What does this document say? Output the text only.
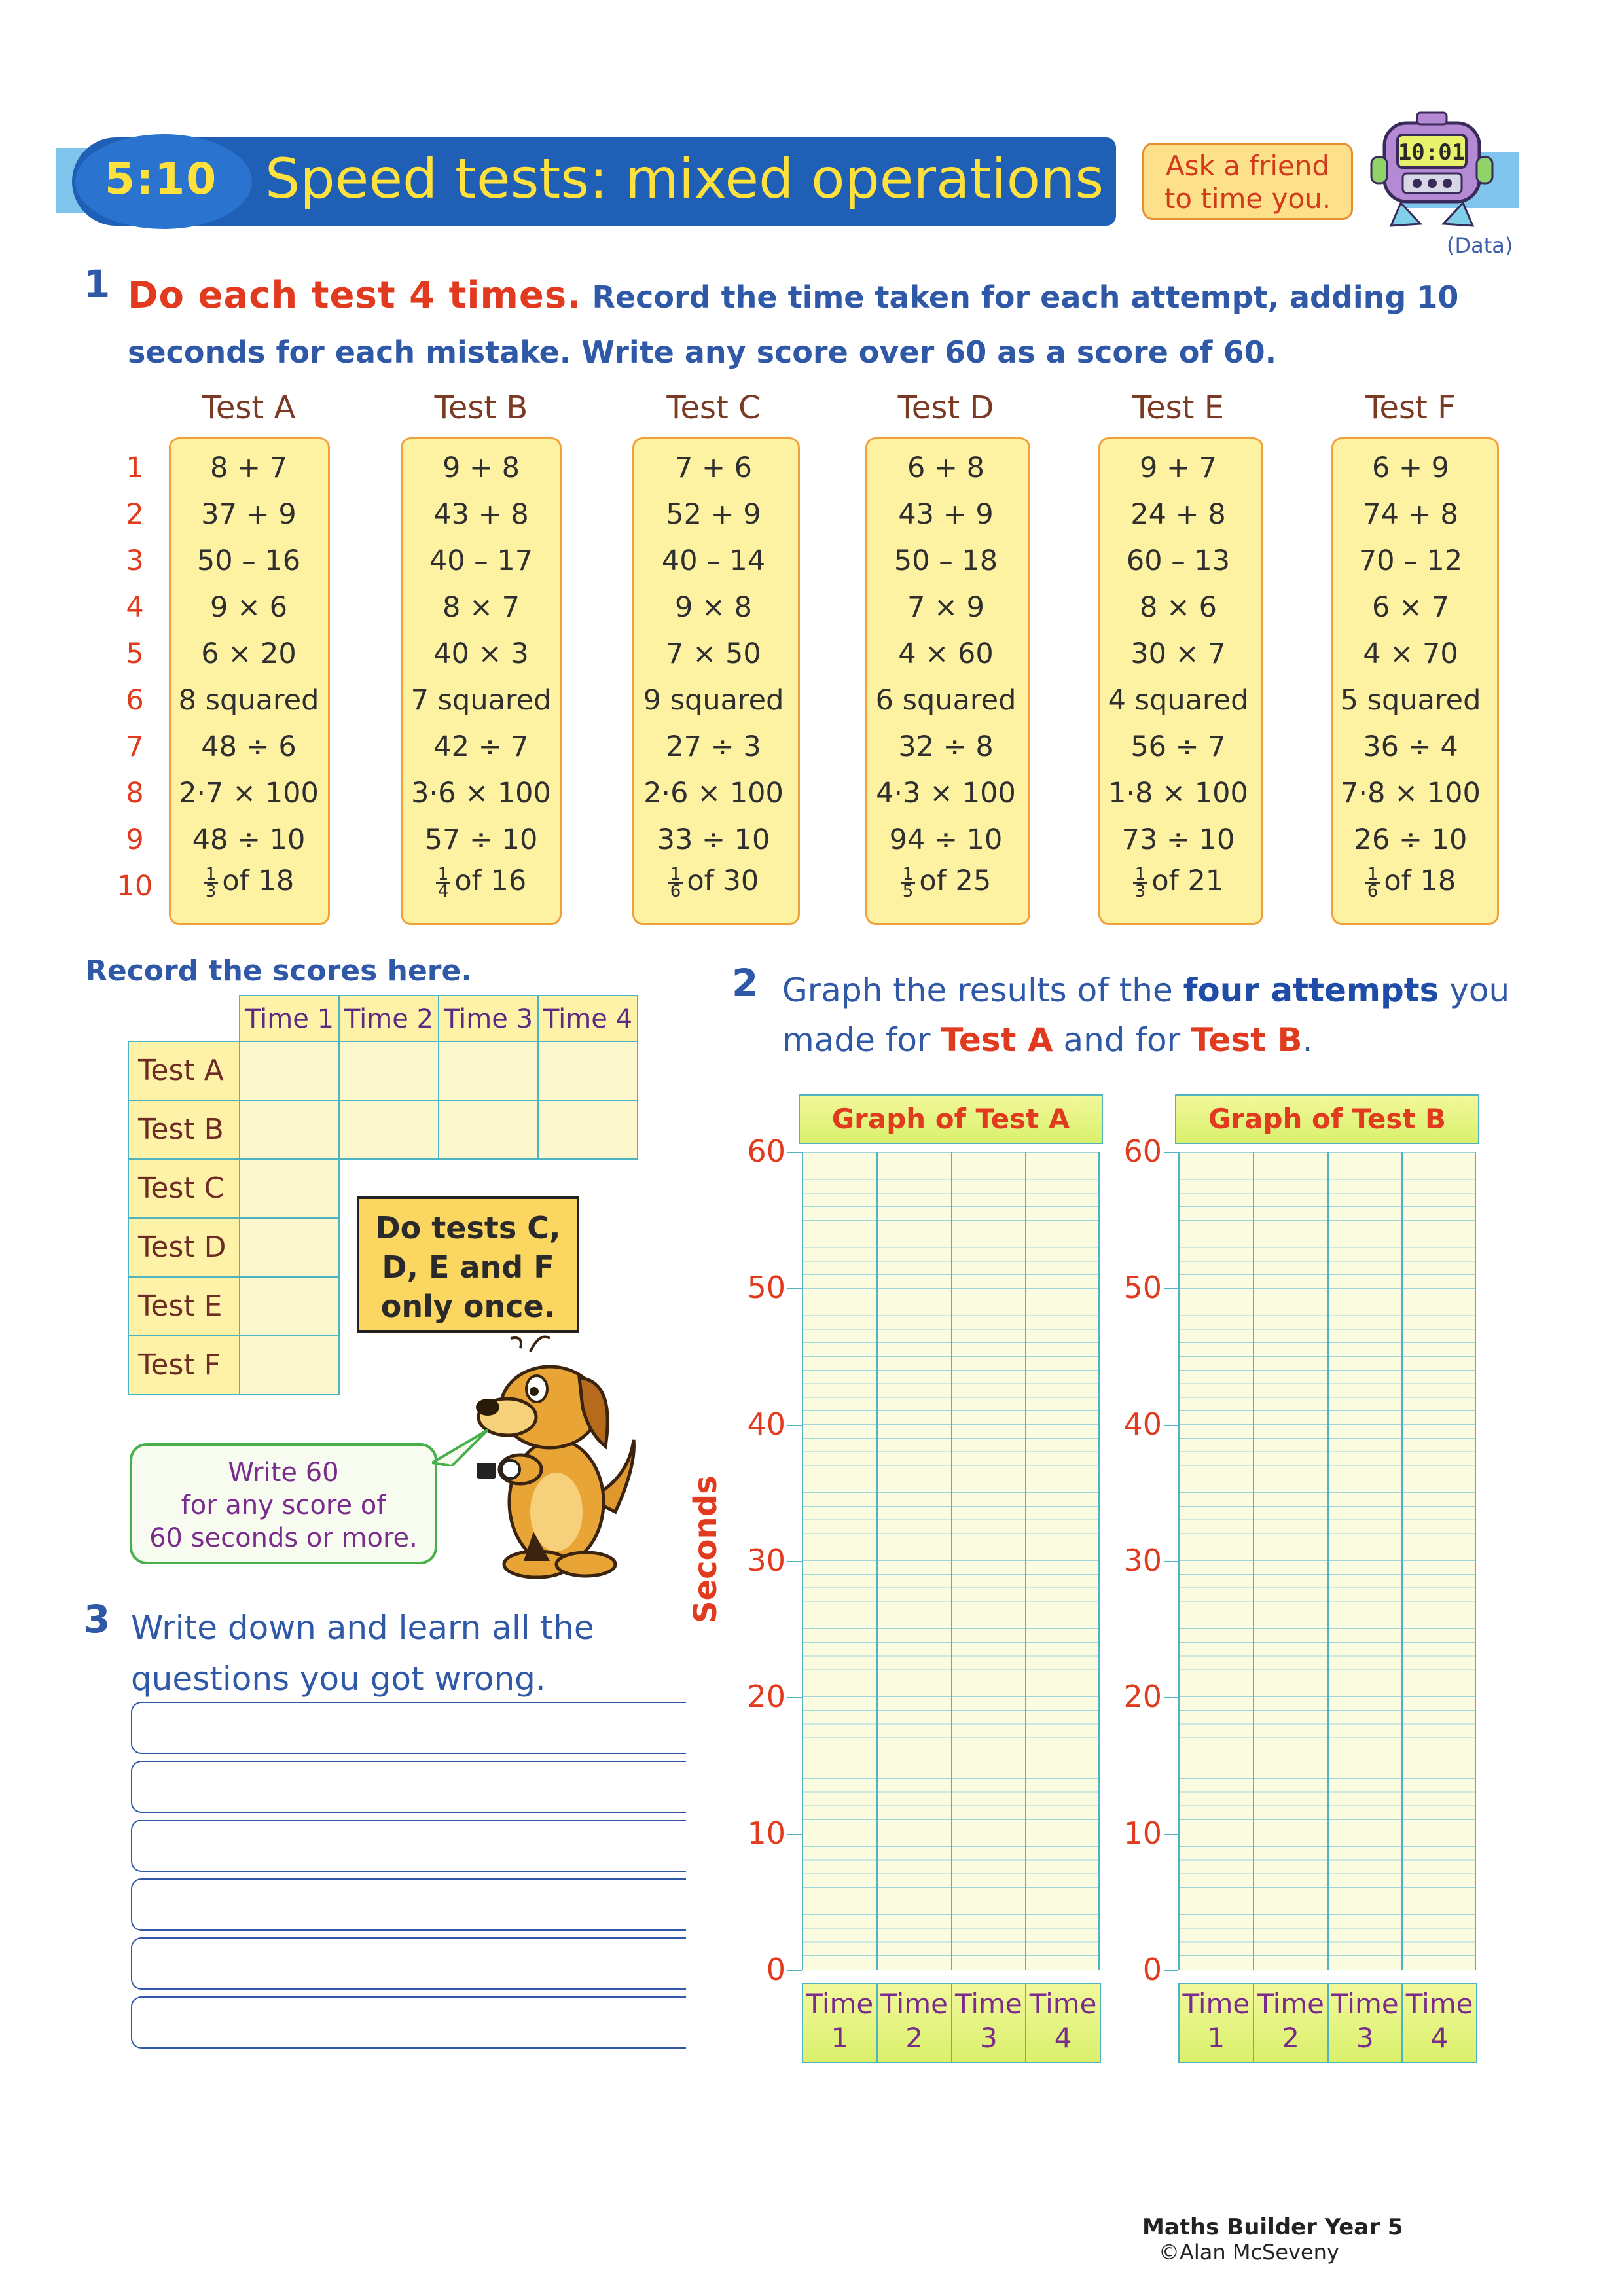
5:10 Speed tests: mixed operations	Ask a friend
to time you.
10:01
(Data)
1 Do each test 4 times. Record the time taken for each attempt, adding 10 seconds for each mistake. Write any score over 60 as a score of 60.
1
2
3
4
5
6
7
8
9
10
Test A
8 + 7
37 + 9
50 – 16
9 × 6
6 × 20
8 squared
48 ÷ 6
2·7 × 100
48 ÷ 10
$\frac{1}{3}$ of 18
Test B
9 + 8
43 + 8
40 – 17
8 × 7
40 × 3
7 squared
42 ÷ 7
3·6 × 100
57 ÷ 10
$\frac{1}{4}$ of 16
Test C
7 + 6
52 + 9
40 – 14
9 × 8
7 × 50
9 squared
27 ÷ 3
2·6 × 100
33 ÷ 10
$\frac{1}{6}$ of 30
Test D
6 + 8
43 + 9
50 – 18
7 × 9
4 × 60
6 squared
32 ÷ 8
4·3 × 100
94 ÷ 10
$\frac{1}{5}$ of 25
Test E
9 + 7
24 + 8
60 – 13
8 × 6
30 × 7
4 squared
56 ÷ 7
1·8 × 100
73 ÷ 10
$\frac{1}{3}$ of 21
Test F
6 + 9
74 + 8
70 – 12
6 × 7
4 × 70
5 squared
36 ÷ 4
7·8 × 100
26 ÷ 10
$\frac{1}{6}$ of 18
Record the scores here.
Time 1 Time 2 Time 3 Time 4
Test A
Test B
Test C
Test D
Test E
Test F
Do tests C, D, E and F only once.
Write 60
for any score of
60 seconds or more.
3 Write down and learn all the
questions you got wrong.
2 Graph the results of the four attempts you
made for Test A and for Test B.
Seconds
Graph of Test A
60
50
40
30
20
10
0
Time
1
Time
2
Time
3
Time
4
Graph of Test B
60
50
40
30
20
10
0
Time
1
Time
2
Time
3
Time
4
Maths Builder Year 5
©Alan McSeveny
